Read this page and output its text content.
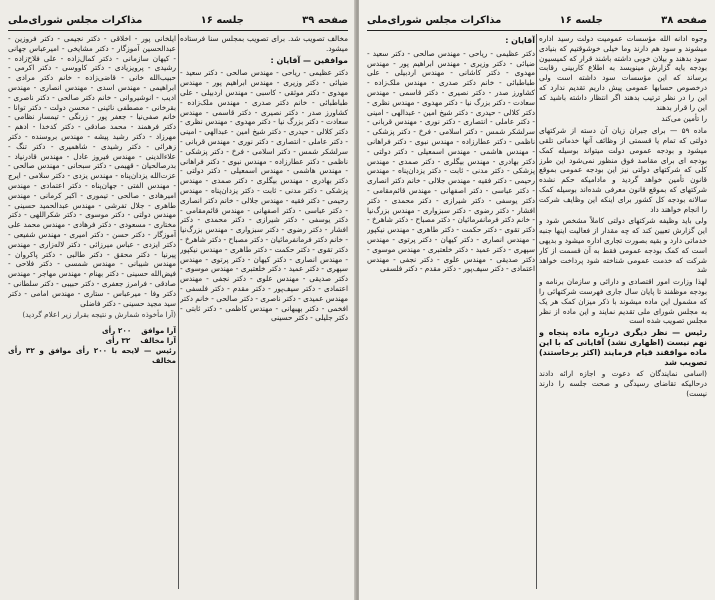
صفحه ۳۹
جلسه ۱۶
مذاکرات مجلس شورای‌ملی

مخالف تصویب شد. برای تصویب بمجلس سنا فرستاده میشود.

موافقین — آقایان :

دکتر عظیمی - ریاحی - مهندس صالحی - دکتر سعید - ضیائی - دکتر وزیری - مهندس ابراهیم پور - مهندس مهدوی - دکتر موثقی - کاسبی - مهندس اردبیلی - علی طباطبائی - خانم دکتر صدری - مهندس ملک‌زاده - کشاورز صدر - دکتر نصیری - دکتر قاسمی - مهندس سعادت - دکتر بزرگ نیا - دکتر مهدوی - مهندس نظری - دکتر کلالی - حیدری - دکتر شیخ امین - عبدالهی - امینی - دکتر عاملی - انتصاری - دکتر نوری - مهندس قربانی - سرلشکر شمس - دکتر اسلامی - فرخ - دکتر پزشکی - ناظمی - دکتر عطارزاده - مهندس نبوی - دکتر فراهانی - مهندس هاشمی - مهندس اسمعیلی - دکتر دولتی - دکتر بهادری - مهندس بیگلری - دکتر صمدی - مهندس پزشکی - دکتر مدنی - ثابت - دکتر یزدان‌پناه - مهندس رحیمی - دکتر فقیه - مهندس جلالی - خانم دکتر انصاری - دکتر عباسی - دکتر اصفهانی - مهندس قائم‌مقامی - دکتر یوسفی - دکتر شیرازی - دکتر محمدی - دکتر افشار - دکتر رضوی - دکتر سبزواری - مهندس بزرگ‌نیا - خانم دکتر فرمانفرمائیان - دکتر مصباح - دکتر شاهرخ - دکتر تقوی - دکتر حکمت - دکتر طاهری - مهندس نیکپور - مهندس انصاری - دکتر کیهان - دکتر پرتوی - مهندس سپهری - دکتر عمید - دکتر خلعتبری - مهندس موسوی - دکتر صدیقی - مهندس علوی - دکتر نجفی - مهندس اعتمادی - دکتر سیف‌پور - دکتر مقدم - دکتر فلسفی - مهندس عمیدی - دکتر ناصری - دکتر صالحی - خانم دکتر افخمی - دکتر بهبهانی - مهندس کاظمی - دکتر ثابتی - دکتر جلیلی - دکتر حسینی

ایلخانی پور - اخلاقی - دکتر نجیمی - دکتر فروزین - عبدالحسین آموزگار - دکتر مشایخی - امیرعباس جهانی - کیهان سازمانی - دکتر کمال‌زاده - علی فلاح‌زاده - رشیدی - پرویزیادی - دکتر کاووسی - دکتر اکرمی - حبیب‌الله خانی - قاضی‌زاده - خانم دکتر مرادی - ابراهیمی - مهندس اسدی - مهندس انصاری - مهندس ادیب - انوشیروانی - خانم دکتر صالحی - دکتر ناصری - بقرخانی - مصطفی نائینی - محسن دولت - دکتر توانا - خانم صفی‌نیا - جعفر پور - زرنگی - تیمسار نظامی - دکتر فرهمند - محمد صادقی - دکتر کدخدا - ادهم - مهرزاد - دکتر رشید پیشه - مهندس بروسنده - دکتر زهرائی - دکتر رشیدی - شاهمیری - دکتر تنگ - علاء‌الدینی - مهندس فیروز عادل - مهندس قادرنیاد - بدرصالحیان - قهیمی - دکتر سبحانی - مهندس صالحی - عزت‌الله یزدان‌پناه - مهندس یزدی - دکتر سلامی - ایرج - مهندس الفتی - جهان‌پناه - دکتر اعتمادی - مهندس امیرهادی - صالحی - تیموری - اکبر کرمانی - مهندس طاهری - جلال تفرشی - مهندس عبدالحمید حسینی - مهندس دولتی - دکتر موسوی - دکتر شکراللهی - دکتر مختاری - مسعودی - دکتر فرهادی - مهندس محمد علی آموزگار - دکتر حسن - دکتر امیری - مهندس شفیعی - دکتر ایزدی - عباس میرزائی - دکتر لاله‌زاری - مهندس پیرنیا - دکتر محقق - دکتر طالبی - دکتر پاکروان - مهندس شیبانی - مهندس شمسی - دکتر فلاحی - فیض‌الله حسینی - دکتر بهنام - مهندس مهاجر - مهندس صادقی - فرامرز جعفری - دکتر حبیبی - دکتر سلطانی - دکتر وفا - میرعباس - ستاری - مهندس امامی - دکتر سید مجید حسینی - دکتر فاضلی

(آرا مأخوذه شمارش و نتیجه بقرار زیر اعلام گردید)

آرا موافق
۲۰۰ رأی
آرا مخالف
۳۲ رأی

رئیس — لایحه با ۲۰۰ رأی موافق و ۳۲ رأی مخالف

صفحه ۳۸
جلسه ۱۶
مذاکرات مجلس شورای‌ملی

وجوه ادانه الله مؤسسات عمومیت دولت رسید اداره میشوند و سود هم دارند وما خیلی خوشوقتیم که بنیادی سود بدهند و بیلان خوبی داشته باشند قرار که کمیسیون بودجه بایه گزارش مینویسد به اطلاع کاربینی رقابت برساند که این مؤسسات سود داشته است ولی درخصوص حسابها عمومی پیش داریم تقدیم ندارد که این را در نظر ترتیب بدهند اگر انتظار داشته باشید که این را قرار بدهند

را تأمین می‌کند

ماده ۵۹ — برای جبران زیان آن دسته از شرکتهای دولتی که تمام یا قسمتی از وظائف آنها خدماتی تلقی میشود و بودجه عمومی دولت میتواند بوسیله کمک بودجه ای برای مقاصد فوق منظور نمی‌شود این طرز کلی که شرکتهای دولتی نیز این بودجه عمومی بموقع قانون تأمین خواهد گردید و مادامیکه حکم نشده شرکتهای که بموقع قانون معرفی شده‌اند بوسیله کمک سالانه بودجه کل کشور برای اینکه این وظایف شرکت را انجام خواهند داد

ولی باید وظیفه شرکتهای دولتی کاملاً مشخص شود و این گزارش تعیین کند که چه مقدار از فعالیت اینها جنبه خدماتی دارد و بقیه بصورت تجاری اداره میشود و بدیهی است که کمک بودجه عمومی فقط به آن قسمت از کار شرکت که خدمت عمومی شناخته شود پرداخت خواهد شد

لهذا وزارت امور اقتصادی و دارائی و سازمان برنامه و بودجه موظفند تا پایان سال جاری فهرست شرکتهائی را که مشمول این ماده میشوند با ذکر میزان کمک هر یک به مجلس شورای ملی تقدیم نمایند و این ماده از نظر مجلس تصویب شده است

رئیس — نظر دیگری درباره ماده پنجاه و نهم نیست (اظهاری نشد) آقایانی که با این ماده موافقند قیام فرمایند (اکثر برخاستند) تصویب شد

(اسامی نمایندگان که دعوت و اجازه ارائه دادند درحالیکه تقاضای رسیدگی و صحت جلسه را دارند نیست)

آقایان :

دکتر عظیمی - ریاحی - مهندس صالحی - دکتر سعید - ضیائی - دکتر وزیری - مهندس ابراهیم پور - مهندس مهدوی - دکتر کاشانی - مهندس اردبیلی - علی طباطبائی - خانم دکتر صدری - مهندس ملک‌زاده - کشاورز صدر - دکتر نصیری - دکتر قاسمی - مهندس سعادت - دکتر بزرگ نیا - دکتر مهدوی - مهندس نظری - دکتر کلالی - حیدری - دکتر شیخ امین - عبدالهی - امینی - دکتر عاملی - انتصاری - دکتر نوری - مهندس قربانی - سرلشکر شمس - دکتر اسلامی - فرخ - دکتر پزشکی - ناظمی - دکتر عطارزاده - مهندس نبوی - دکتر فراهانی - مهندس هاشمی - مهندس اسمعیلی - دکتر دولتی - دکتر بهادری - مهندس بیگلری - دکتر صمدی - مهندس پزشکی - دکتر مدنی - ثابت - دکتر یزدان‌پناه - مهندس رحیمی - دکتر فقیه - مهندس جلالی - خانم دکتر انصاری - دکتر عباسی - دکتر اصفهانی - مهندس قائم‌مقامی - دکتر یوسفی - دکتر شیرازی - دکتر محمدی - دکتر افشار - دکتر رضوی - دکتر سبزواری - مهندس بزرگ‌نیا - خانم دکتر فرمانفرمائیان - دکتر مصباح - دکتر شاهرخ - دکتر تقوی - دکتر حکمت - دکتر طاهری - مهندس نیکپور - مهندس انصاری - دکتر کیهان - دکتر پرتوی - مهندس سپهری - دکتر عمید - دکتر خلعتبری - مهندس موسوی - دکتر صدیقی - مهندس علوی - دکتر نجفی - مهندس اعتمادی - دکتر سیف‌پور - دکتر مقدم - دکتر فلسفی
